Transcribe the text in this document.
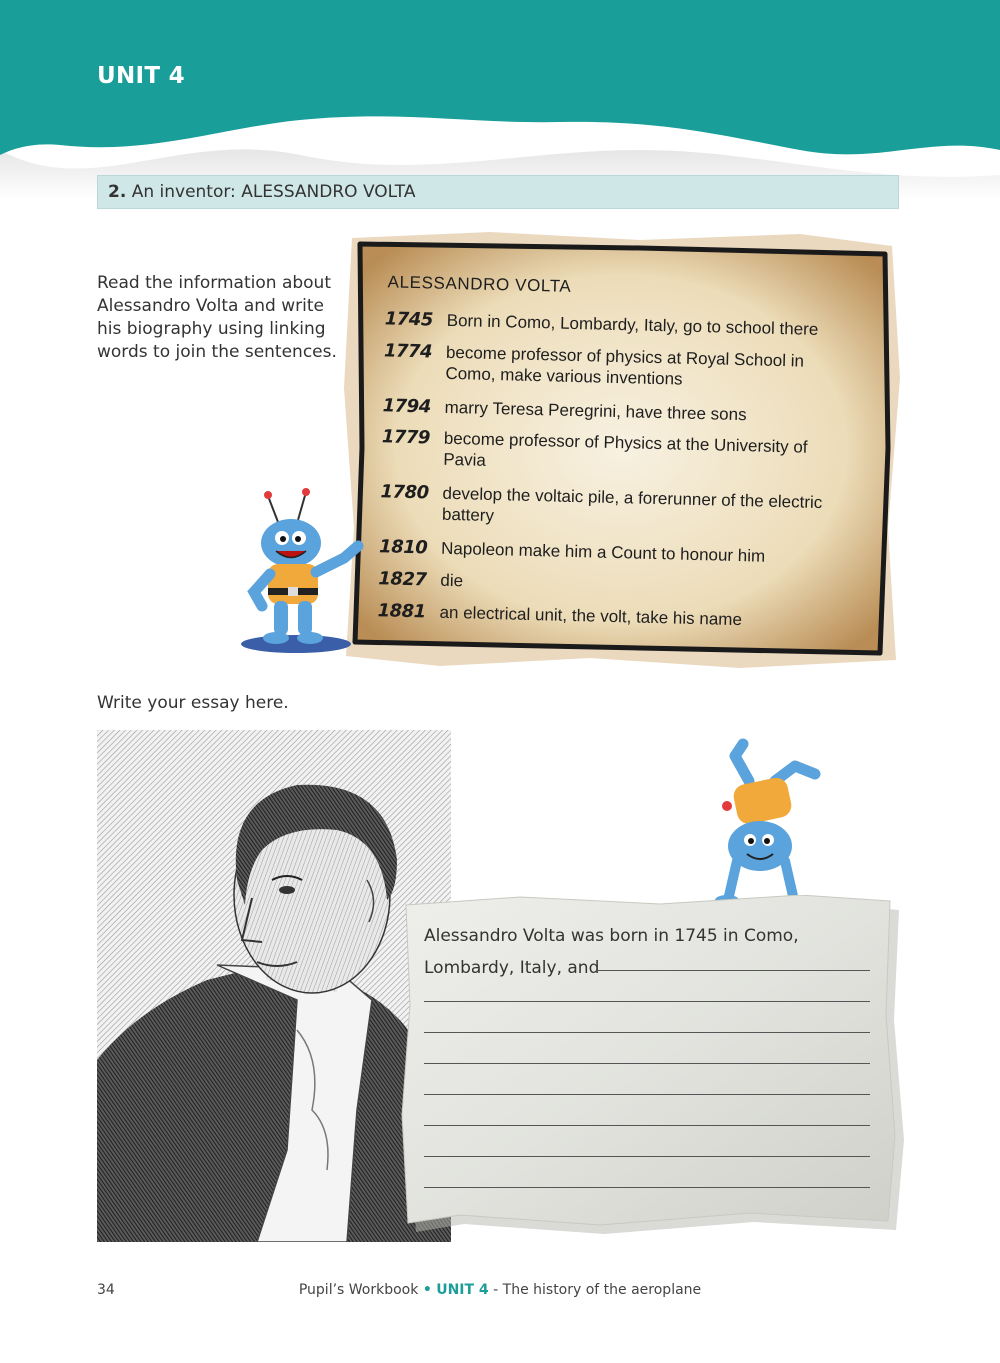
UNIT 4
2. An inventor: ALESSANDRO VOLTA
Read the information about Alessandro Volta and write his biography using linking words to join the sentences.
ALESSANDRO VOLTA
1745 Born in Como, Lombardy, Italy, go to school there
1774 become professor of physics at Royal School in Como, make various inventions
1794 marry Teresa Peregrini, have three sons
1779 become professor of Physics at the University of Pavia
1780 develop the voltaic pile, a forerunner of the electric battery
1810 Napoleon make him a Count to honour him
1827 die
1881 an electrical unit, the volt, take his name
Write your essay here.
Alessandro Volta was born in 1745 in Como,
Lombardy, Italy, and
34	Pupil’s Workbook • UNIT 4 - The history of the aeroplane
